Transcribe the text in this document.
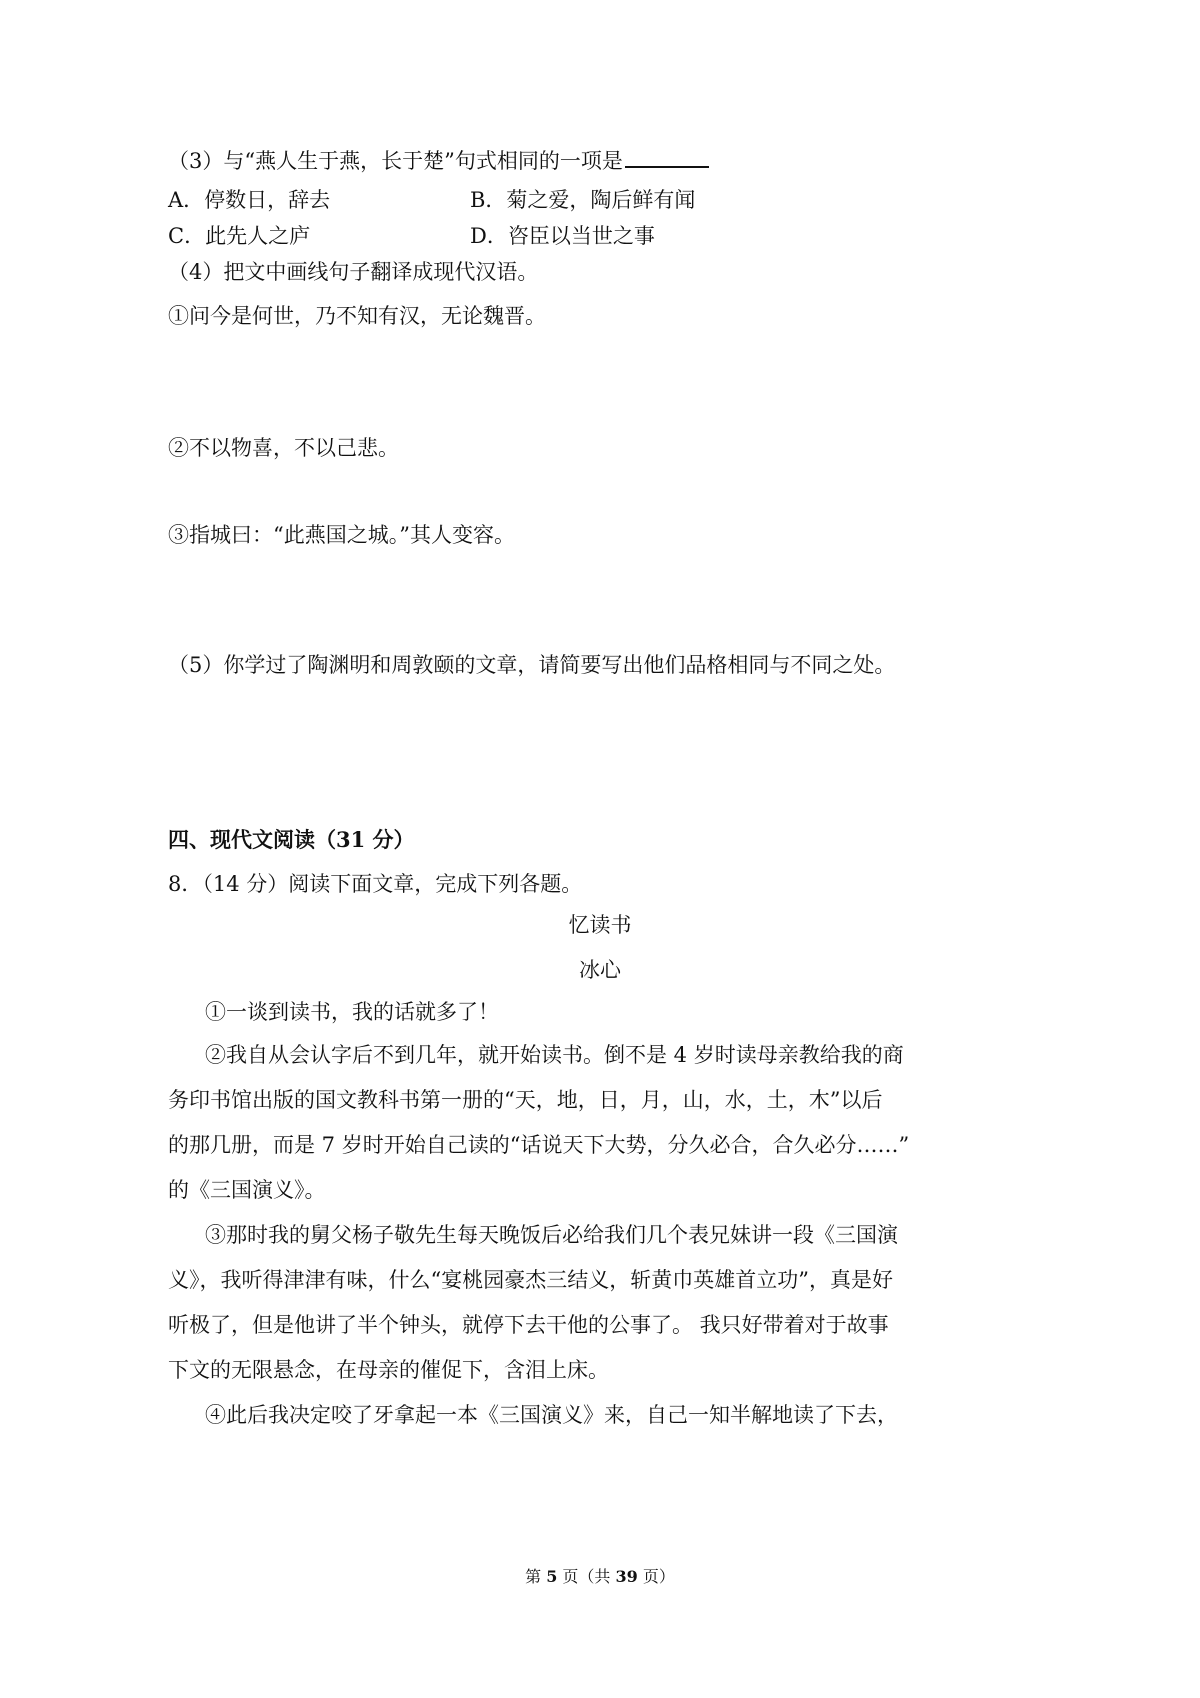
（3）与“燕人生于燕，长于楚”句式相同的一项是
A．停数日，辞去	B．菊之爱，陶后鲜有闻
C．此先人之庐	D．咨臣以当世之事
（4）把文中画线句子翻译成现代汉语。
①问今是何世，乃不知有汉，无论魏晋。
②不以物喜，不以己悲。
③指城曰：“此燕国之城。”其人变容。
（5）你学过了陶渊明和周敦颐的文章，请简要写出他们品格相同与不同之处。
四、现代文阅读（31 分）
8．（14 分）阅读下面文章，完成下列各题。
忆读书
冰心
①一谈到读书，我的话就多了！
②我自从会认字后不到几年，就开始读书。倒不是 4 岁时读母亲教给我的商
务印书馆出版的国文教科书第一册的“天，地，日，月，山，水，土，木”以后
的那几册，而是 7 岁时开始自己读的“话说天下大势，分久必合，合久必分……”
的《三国演义》。
③那时我的舅父杨子敬先生每天晚饭后必给我们几个表兄妹讲一段《三国演
义》，我听得津津有味，什么“宴桃园豪杰三结义，斩黄巾英雄首立功”，真是好
听极了，但是他讲了半个钟头，就停下去干他的公事了。 我只好带着对于故事
下文的无限悬念，在母亲的催促下，含泪上床。
④此后我决定咬了牙拿起一本《三国演义》来，自己一知半解地读了下去，
第 5 页（共 39 页）
